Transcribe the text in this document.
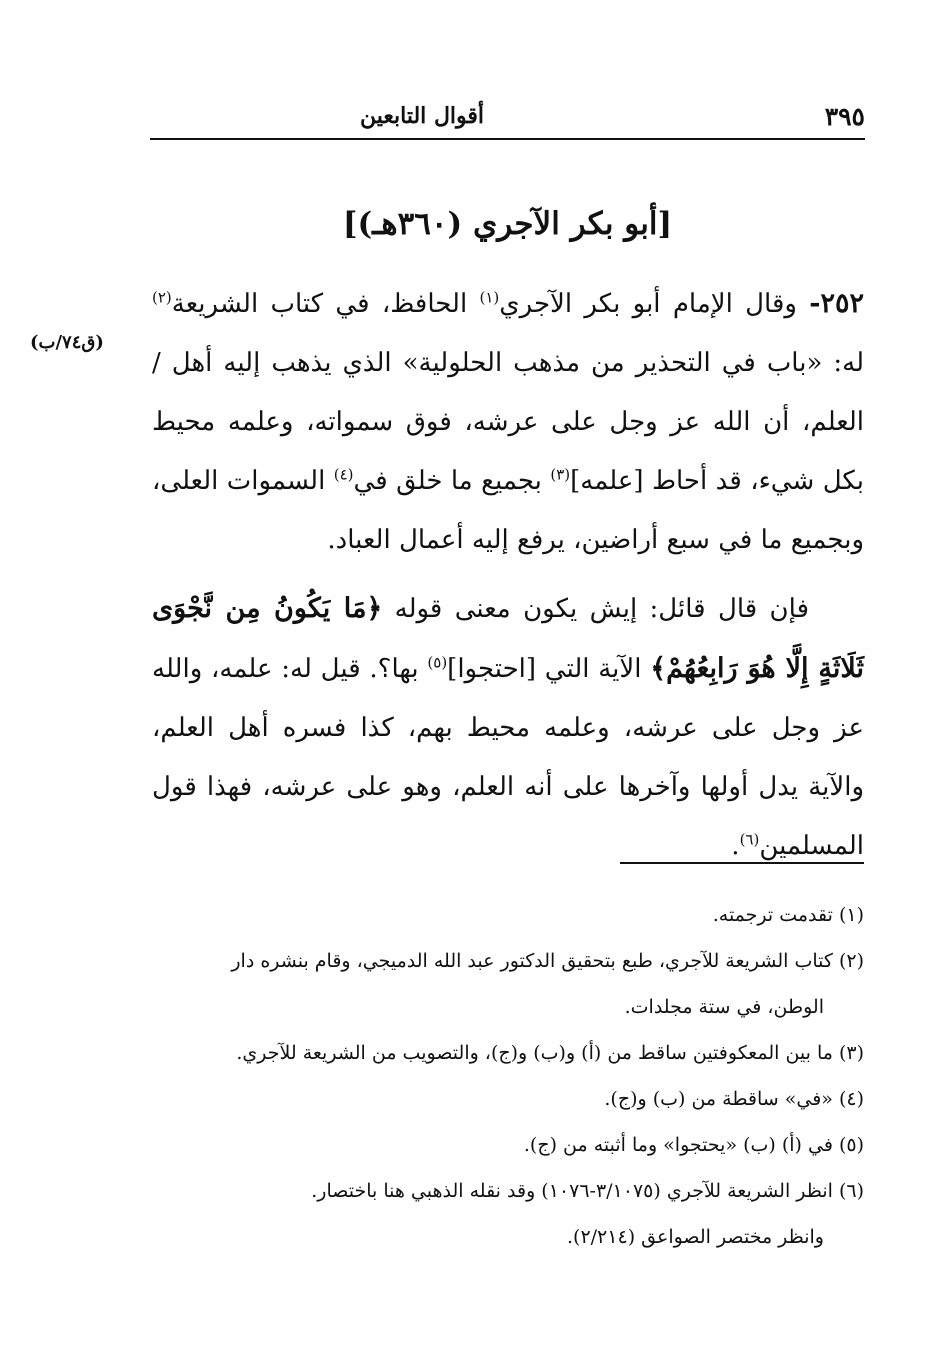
٣٩٥
أقوال التابعين
[أبو بكر الآجري (٣٦٠هـ)]
(ق٧٤/ب)

٢٥٢- وقال الإمام أبو بكر الآجري$^{(١)}$ الحافظ، في كتاب الشريعة$^{(٢)}$ له: «باب في التحذير من مذهب الحلولية» الذي يذهب إليه أهل / العلم، أن الله عز وجل على عرشه، فوق سمواته، وعلمه محيط بكل شيء، قد أحاط [علمه]$^{(٣)}$ بجميع ما خلق في$^{(٤)}$ السموات العلى، وبجميع ما في سبع أراضين، يرفع إليه أعمال العباد.

فإن قال قائل: إيش يكون معنى قوله ﴿مَا يَكُونُ مِن نَّجْوَى ثَلَاثَةٍ إِلَّا هُوَ رَابِعُهُمْ﴾ الآية التي [احتجوا]$^{(٥)}$ بها؟. قيل له: علمه، والله عز وجل على عرشه، وعلمه محيط بهم، كذا فسره أهل العلم، والآية يدل أولها وآخرها على أنه العلم، وهو على عرشه، فهذا قول المسلمين$^{(٦)}$.

(١)تقدمت ترجمته.

(٢)كتاب الشريعة للآجري، طبع بتحقيق الدكتور عبد الله الدميجي، وقام بنشره دار
الوطن، في ستة مجلدات.

(٣)ما بين المعكوفتين ساقط من (أ) و(ب) و(ج)، والتصويب من الشريعة للآجري.

(٤)«في» ساقطة من (ب) و(ج).

(٥)في (أ) (ب) «يحتجوا» وما أثبته من (ج).

(٦)انظر الشريعة للآجري (٣/١٠٧٥-١٠٧٦) وقد نقله الذهبي هنا باختصار.
وانظر مختصر الصواعق (٢/٢١٤).
